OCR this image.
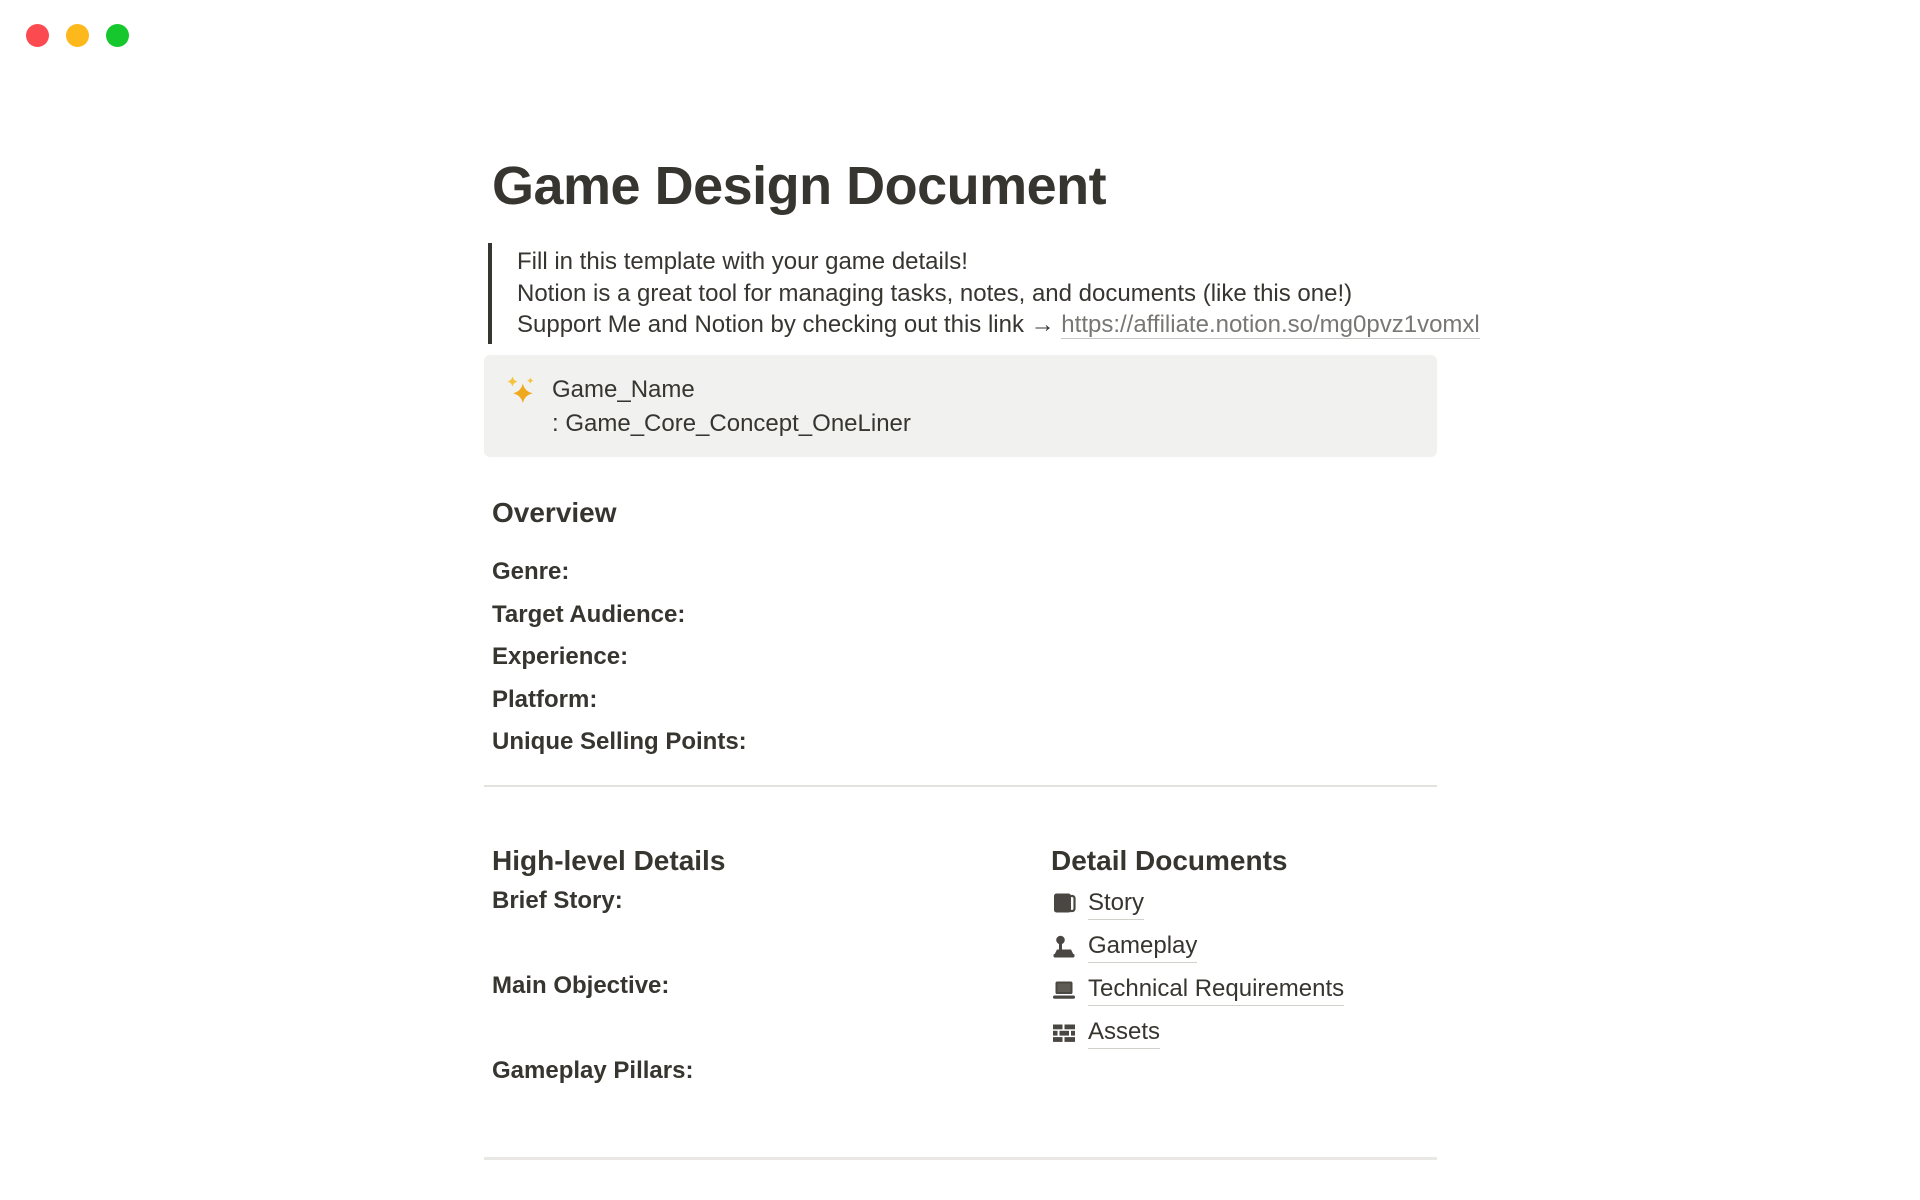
Game Design Document
Fill in this template with your game details!
Notion is a great tool for managing tasks, notes, and documents (like this one!)
Support Me and Notion by checking out this link → https://affiliate.notion.so/mg0pvz1vomxl
Game_Name
: Game_Core_Concept_OneLiner
Overview
Genre:
Target Audience:
Experience:
Platform:
Unique Selling Points:
High-level Details
Brief Story:
Main Objective:
Gameplay Pillars:
Detail Documents
Story
Gameplay
Technical Requirements
Assets
